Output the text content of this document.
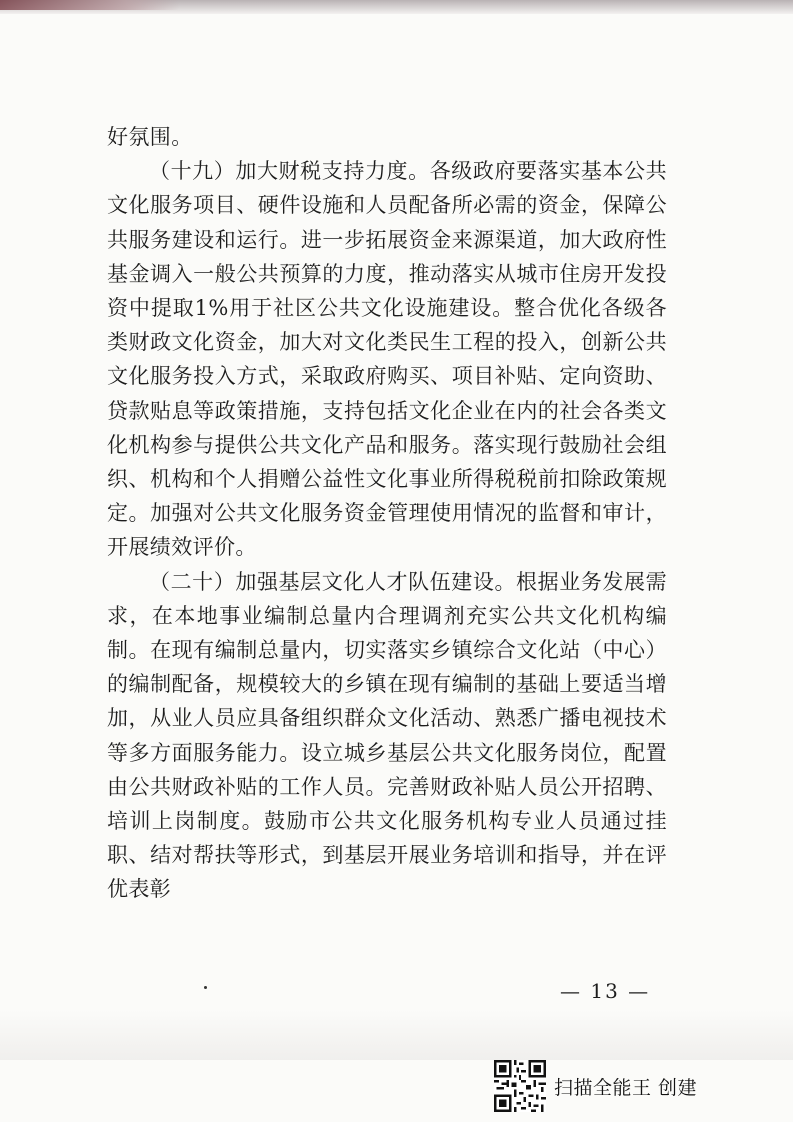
好氛围。

（十九）加大财税支持力度。各级政府要落实基本公共文化服务项目、硬件设施和人员配备所必需的资金，保障公共服务建设和运行。进一步拓展资金来源渠道，加大政府性基金调入一般公共预算的力度，推动落实从城市住房开发投资中提取1%用于社区公共文化设施建设。整合优化各级各类财政文化资金，加大对文化类民生工程的投入，创新公共文化服务投入方式，采取政府购买、项目补贴、定向资助、贷款贴息等政策措施，支持包括文化企业在内的社会各类文化机构参与提供公共文化产品和服务。落实现行鼓励社会组织、机构和个人捐赠公益性文化事业所得税税前扣除政策规定。加强对公共文化服务资金管理使用情况的监督和审计，开展绩效评价。

（二十）加强基层文化人才队伍建设。根据业务发展需求，在本地事业编制总量内合理调剂充实公共文化机构编制。在现有编制总量内，切实落实乡镇综合文化站（中心）的编制配备，规模较大的乡镇在现有编制的基础上要适当增加，从业人员应具备组织群众文化活动、熟悉广播电视技术等多方面服务能力。设立城乡基层公共文化服务岗位，配置由公共财政补贴的工作人员。完善财政补贴人员公开招聘、培训上岗制度。鼓励市公共文化服务机构专业人员通过挂职、结对帮扶等形式，到基层开展业务培训和指导，并在评优表彰

— 13 —
扫描全能王 创建
